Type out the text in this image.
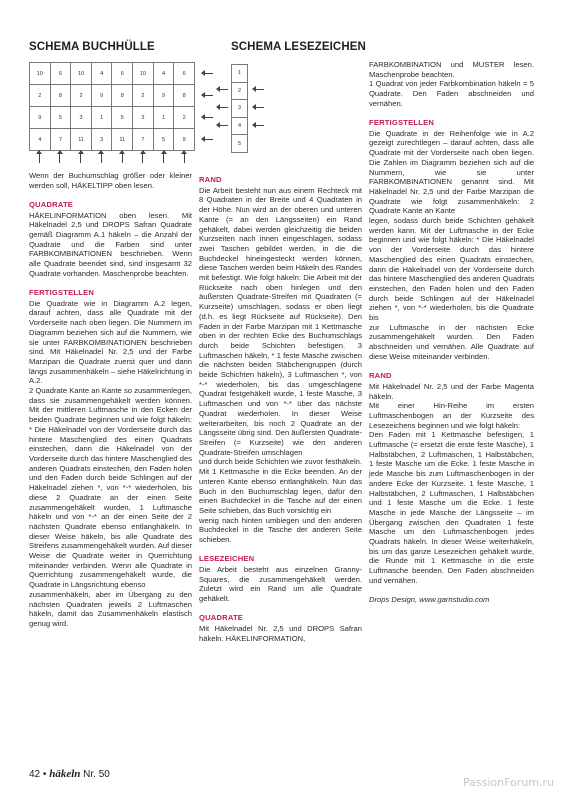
SCHEMA BUCHHÜLLE	SCHEMA LESEZEICHEN
10	6	10	4	6	10	4	6
2	8	2	9	8	2	9	8
9	5	3	1	5	3	1	2
4	7	11	3	11	7	5	9
1
2
3
4
5

Wenn der Buchumschlag größer oder kleiner werden soll, HÄKELTIPP oben lesen.

QUADRATE

HÄKELINFORMATION oben lesen. Mit Häkelnadel 2,5 und DROPS Safran Quadrate gemäß Diagramm A.1 häkeln – die Anzahl der Quadrate und die Farben sind unter FARBKOMBINATIONEN beschrieben. Wenn alle Quadrate beendet sind, sind insgesamt 32 Quadrate vorhanden. Maschenprobe beachten.

FERTIGSTELLEN

Die Quadrate wie in Diagramm A.2 legen, darauf achten, dass alle Quadrate mit der Vorderseite nach oben liegen. Die Nummern im Diagramm beziehen sich auf die Nummern, wie sie unter FARBKOMBINATIONEN beschrieben sind. Mit Häkelnadel Nr. 2,5 und der Farbe Marzipan die Quadrate zuerst quer und dann längs zusammenhäkeln – siehe Häkelrichtung in A.2.

2 Quadrate Kante an Kante so zusammenlegen, dass sie zusammengehäkelt werden können. Mit der mittleren Luftmasche in den Ecken der beiden Quadrate beginnen und wie folgt häkeln: * Die Häkelnadel von der Vorderseite durch das hintere Maschenglied des einen Quadrats einstechen, dann die Häkelnadel von der Vorderseite durch das hintere Maschenglied des anderen Quadrats einstechen, den Faden holen und den Faden durch beide Schlingen auf der Häkelnadel ziehen *, von *-* wiederholen, bis diese 2 Quadrate an der einen Seite zusammengehäkelt wurden, 1 Luftmasche häkeln und von *-* an der einen Seite der 2 nächsten Quadrate ebenso entlanghäkeln. In dieser Weise häkeln, bis alle Quadrate des Streifens zusammengehäkelt wurden. Auf dieser Weise die Quadrate weiter in Querrichtung miteinander verbinden. Wenn alle Quadrate in Querrichtung zusammengehäkelt wurde, die Quadrate in Längsrichtung ebenso

zusammenhäkeln, aber im Übergang zu den nächsten Quadraten jeweils 2 Luftmaschen häkeln, damit das Zusammenhäkeln elastisch genug wird.

RAND

Die Arbeit besteht nun aus einem Rechteck mit 8 Quadraten in der Breite und 4 Quadraten in der Höhe. Nun wird an der oberen und unteren Kante (= an den Längsseiten) ein Rand gehäkelt, dabei werden gleichzeitig die beiden Kurzseiten nach innen eingeschlagen, sodass zwei Taschen gebildet werden, in die die Buchdeckel hineingesteckt werden können, diese Taschen werden beim Häkeln des Randes mit befestigt. Wie folgt häkeln: Die Arbeit mit der Rückseite nach oben hinlegen und den äußersten Quadrate-Streifen mit Quadraten (= Kurzseite) umschlagen, sodass er oben liegt (d.h. es liegt Rückseite auf Rückseite). Den Faden in der Farbe Marzipan mit 1 Kettmasche oben in der rechten Ecke des Buchumschlags durch beide Schichten befestigen. 3 Luftmaschen häkeln, * 1 feste Masche zwischen die nächsten beiden Stäbchengruppen (durch beide Schichten häkeln), 3 Luftmaschen *, von *-* wiederholen, bis das umgeschlagene Quadrat festgehäkelt wurde, 1 feste Masche, 3 Luftmaschen und von *-* über das nächste Quadrat wiederholen. In dieser Weise weiterarbeiten, bis noch 2 Quadrate an der Längsseite übrig sind. Den äußersten Quadrate-Streifen (= Kurzseite) wie den anderen Quadrate-Streifen umschlagen

und durch beide Schichten wie zuvor festhäkeln. Mit 1 Kettmasche in die Ecke beenden. An der unteren Kante ebenso entlanghäkeln. Nun das Buch in den Buchumschlag legen, dafür den einen Buchdeckel in die Tasche auf der einen Seite schieben, das Buch vorsichtig ein

wenig nach hinten umbiegen und den anderen Buchdeckel in die Tasche der anderen Seite schieben.

LESEZEICHEN

Die Arbeit besteht aus einzelnen Granny-Squares, die zusammengehäkelt werden. Zuletzt wird ein Rand um alle Quadrate gehäkelt.

QUADRATE

Mit Häkelnadel Nr. 2,5 und DROPS Safran häkeln. HÄKELINFORMATION,

FARBKOMBINATION und MUSTER lesen. Maschenprobe beachten.

1 Quadrat von jeder Farbkombination häkeln = 5 Quadrate. Den Faden abschneiden und vernähen.

FERTIGSTELLEN

Die Quadrate in der Reihenfolge wie in A.2 gezeigt zurechtlegen – darauf achten, dass alle Quadrate mit der Vorderseite nach oben liegen. Die Zahlen im Diagramm beziehen sich auf die Nummern, wie sie unter FARBKOMBINATIONEN genannt sind. Mit Häkelnadel Nr. 2,5 und der Farbe Marzipan die Quadrate wie folgt zusammenhäkeln: 2 Quadrate Kante an Kante

legen, sodass durch beide Schichten gehäkelt werden kann. Mit der Luftmasche in der Ecke beginnen und wie folgt häkeln: * Die Häkelnadel von der Vorderseite durch das hintere Maschenglied des einen Quadrats einstechen, dann die Häkelnadel von der Vorderseite durch das hintere Maschenglied des anderen Quadrats einstechen, den Faden holen und den Faden durch beide Schlingen auf der Häkelnadel ziehen *, von *-* wiederholen, bis die Quadrate bis

zur Luftmasche in der nächsten Ecke zusammengehäkelt wurden. Den Faden abschneiden und vernähen. Alle Quadrate auf diese Weise miteinander verbinden.

RAND

Mit Häkelnadel Nr. 2,5 und der Farbe Magenta häkeln.

Mit einer Hin-Reihe im ersten Luftmaschenbogen an der Kurzseite des Lesezeichens beginnen und wie folgt häkeln:

Den Faden mit 1 Kettmasche befestigen, 1 Luftmasche (= ersetzt die erste feste Masche), 1 Halbstäbchen, 2 Luftmaschen, 1 Halbstäbchen, 1 feste Masche um die Ecke. 1 feste Masche in jede Masche bis zum Luftmaschenbogen in der andere Ecke der Kurzseite. 1 feste Masche, 1 Halbstäbchen, 2 Luftmaschen, 1 Halbstäbchen und 1 feste Masche um die Ecke. 1 feste Masche in jede Masche der Längsseite – im Übergang zwischen den Quadraten 1 feste Masche um den Luftmaschenbogen jedes Quadrats häkeln. In dieser Weise weiterhäkeln, bis um das ganze Lesezeichen gehäkelt wurde, die Runde mit 1 Kettmasche in die erste Luftmasche beenden. Den Faden abschneiden und vernähen.

Drops Design, www.garnstudio.com

42 • häkeln Nr. 50
PassionForum.ru
